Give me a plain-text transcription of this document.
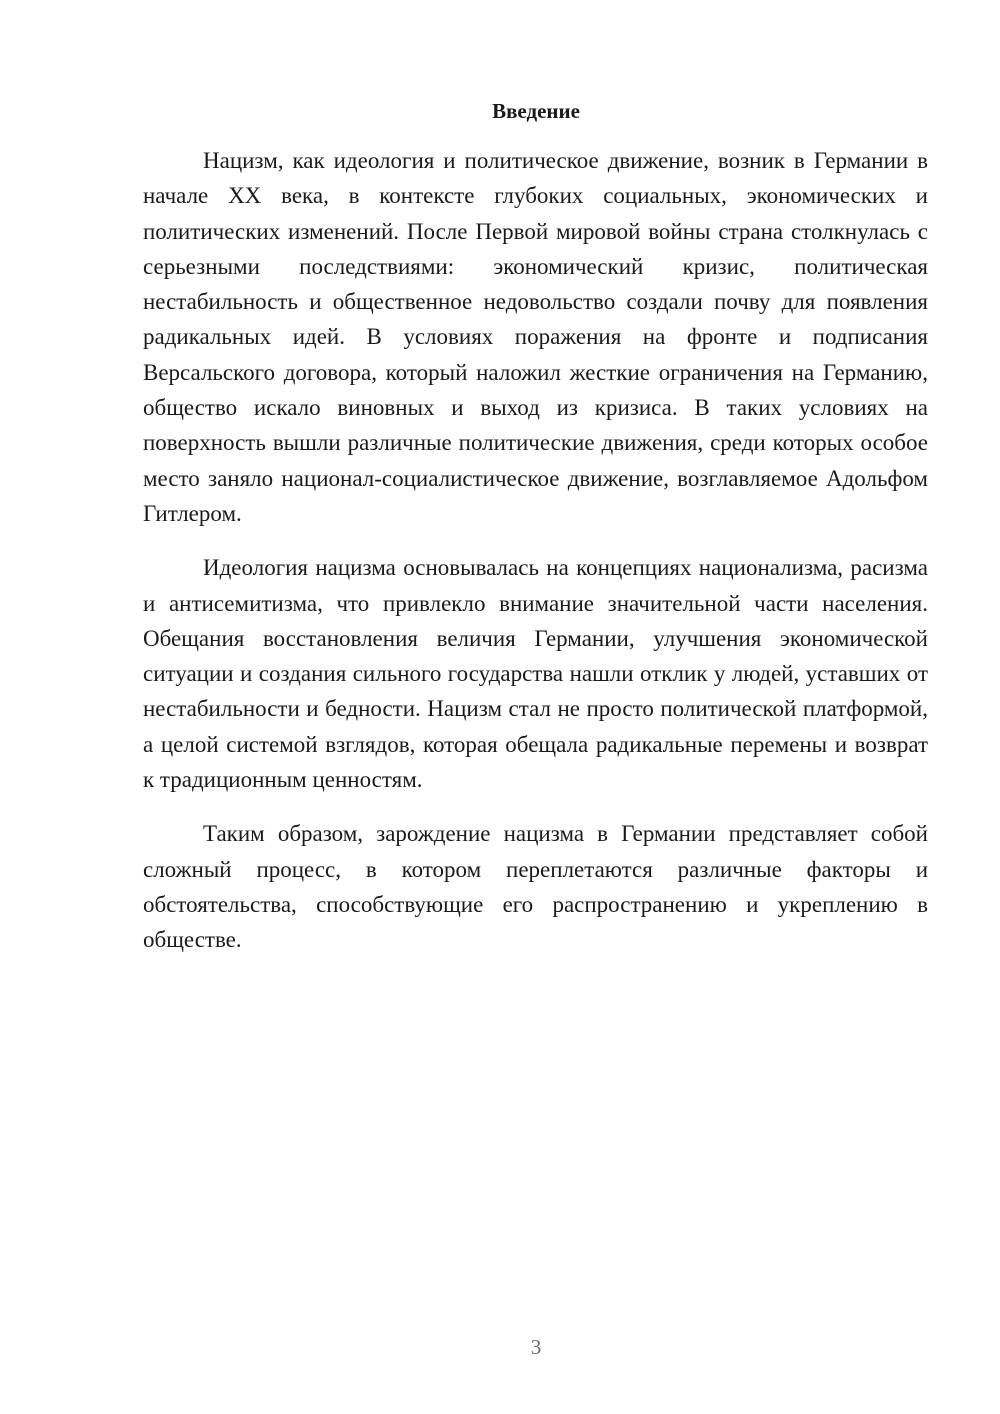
Введение

Нацизм, как идеология и политическое движение, возник в Германии в начале XX века, в контексте глубоких социальных, экономических и политических изменений. После Первой мировой войны страна столкнулась с серьезными последствиями: экономический кризис, политическая нестабильность и общественное недовольство создали почву для появления радикальных идей. В условиях поражения на фронте и подписания Версальского договора, который наложил жесткие ограничения на Германию, общество искало виновных и выход из кризиса. В таких условиях на поверхность вышли различные политические движения, среди которых особое место заняло национал-социалистическое движение, возглавляемое Адольфом Гитлером.

Идеология нацизма основывалась на концепциях национализма, расизма и антисемитизма, что привлекло внимание значительной части населения. Обещания восстановления величия Германии, улучшения экономической ситуации и создания сильного государства нашли отклик у людей, уставших от нестабильности и бедности. Нацизм стал не просто политической платформой, а целой системой взглядов, которая обещала радикальные перемены и возврат к традиционным ценностям.

Таким образом, зарождение нацизма в Германии представляет собой сложный процесс, в котором переплетаются различные факторы и обстоятельства, способствующие его распространению и укреплению в обществе.

3
